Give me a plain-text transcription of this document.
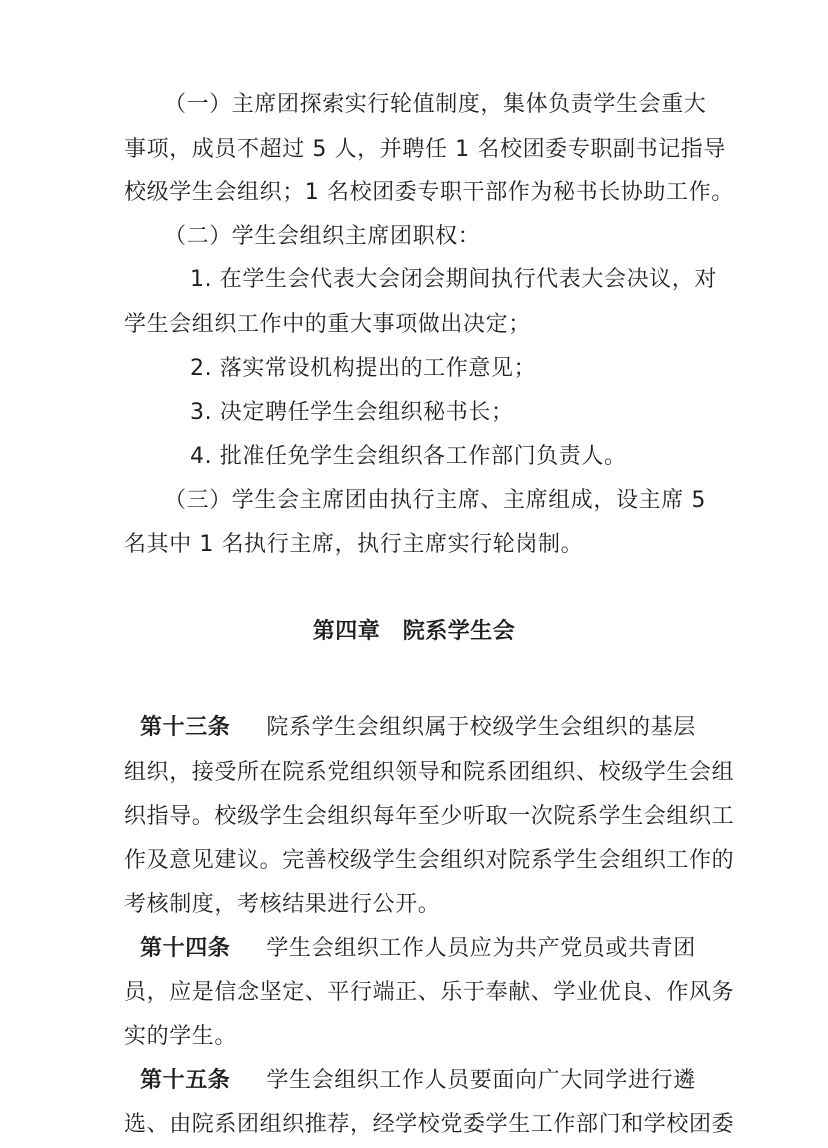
（一）主席团探索实行轮值制度，集体负责学生会重大
事项，成员不超过 5 人，并聘任 1 名校团委专职副书记指导
校级学生会组织；1 名校团委专职干部作为秘书长协助工作。
（二）学生会组织主席团职权：
1. 在学生会代表大会闭会期间执行代表大会决议，对
学生会组织工作中的重大事项做出决定；
2. 落实常设机构提出的工作意见；
3. 决定聘任学生会组织秘书长；
4. 批准任免学生会组织各工作部门负责人。
（三）学生会主席团由执行主席、主席组成，设主席 5
名其中 1 名执行主席，执行主席实行轮岗制。
第四章　院系学生会
第十三条 院系学生会组织属于校级学生会组织的基层
组织，接受所在院系党组织领导和院系团组织、校级学生会组
织指导。校级学生会组织每年至少听取一次院系学生会组织工
作及意见建议。完善校级学生会组织对院系学生会组织工作的
考核制度，考核结果进行公开。
第十四条 学生会组织工作人员应为共产党员或共青团
员，应是信念坚定、平行端正、乐于奉献、学业优良、作风务
实的学生。
第十五条 学生会组织工作人员要面向广大同学进行遴
选、由院系团组织推荐，经学校党委学生工作部门和学校团委
